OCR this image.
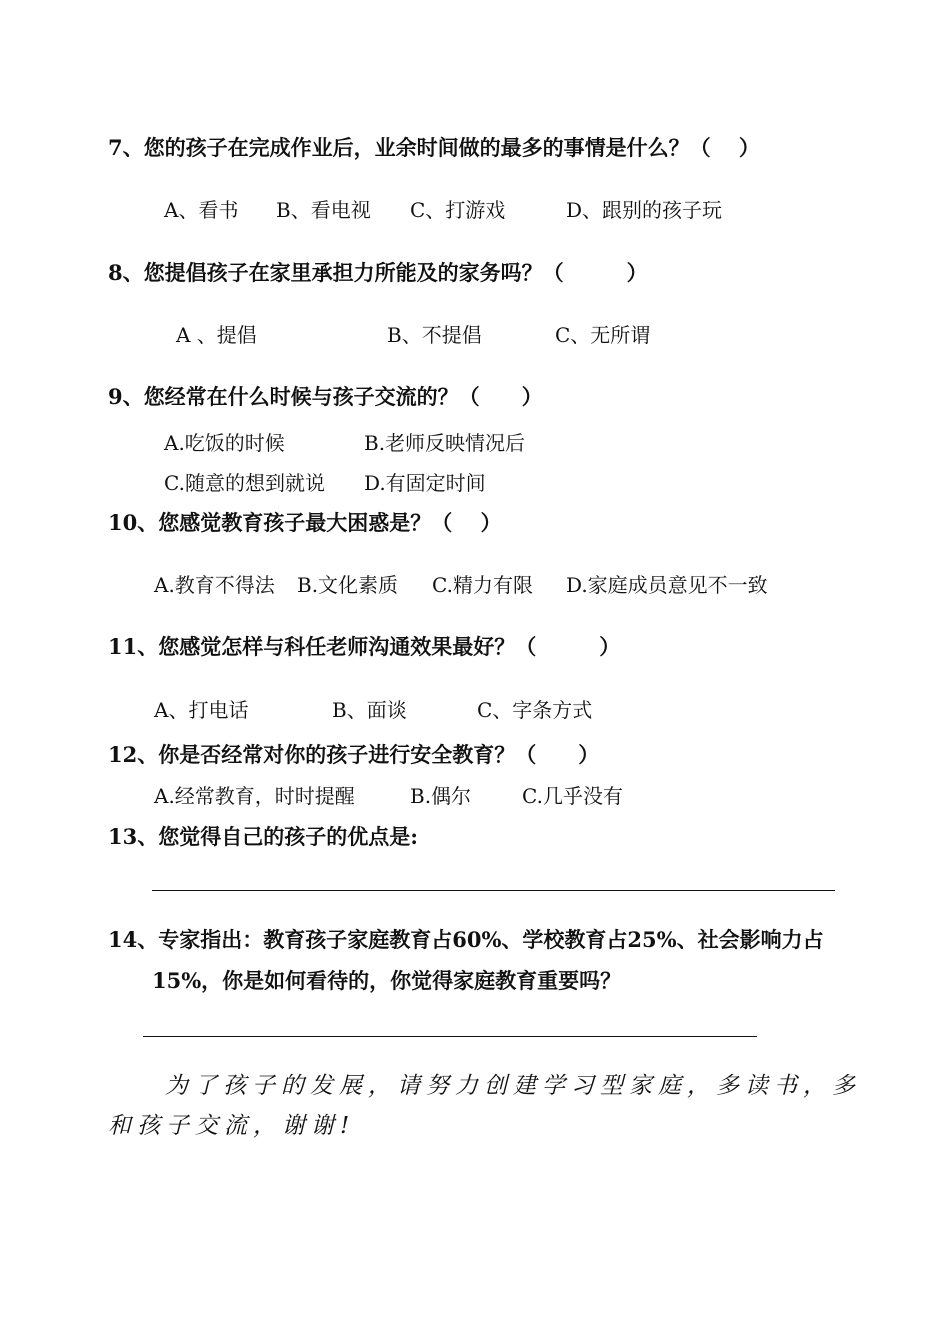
7、您的孩子在完成作业后，业余时间做的最多的事情是什么？（　 ）

A、看书 B、看电视 C、打游戏	D、跟别的孩子玩

8、您提倡孩子在家里承担力所能及的家务吗？（　　　）

A 、提倡	B、不提倡	C、无所谓

9、您经常在什么时候与孩子交流的？（　　）

A.吃饭的时候	B.老师反映情况后
C.随意的想到就说 D.有固定时间

10、您感觉教育孩子最大困惑是？（　 ）

A.教育不得法 B.文化素质 C.精力有限 D.家庭成员意见不一致

11、您感觉怎样与科任老师沟通效果最好？（　　　）

A、打电话	B、面谈	C、字条方式

12、你是否经常对你的孩子进行安全教育？（　　）

A.经常教育，时时提醒	B.偶尔	C.几乎没有

13、您觉得自己的孩子的优点是:

14、专家指出：教育孩子家庭教育占60%、学校教育占25%、社会影响力占

15%，你是如何看待的，你觉得家庭教育重要吗？

为了孩子的发展，请努力创建学习型家庭，多读书，多

和孩子交流，谢谢!
